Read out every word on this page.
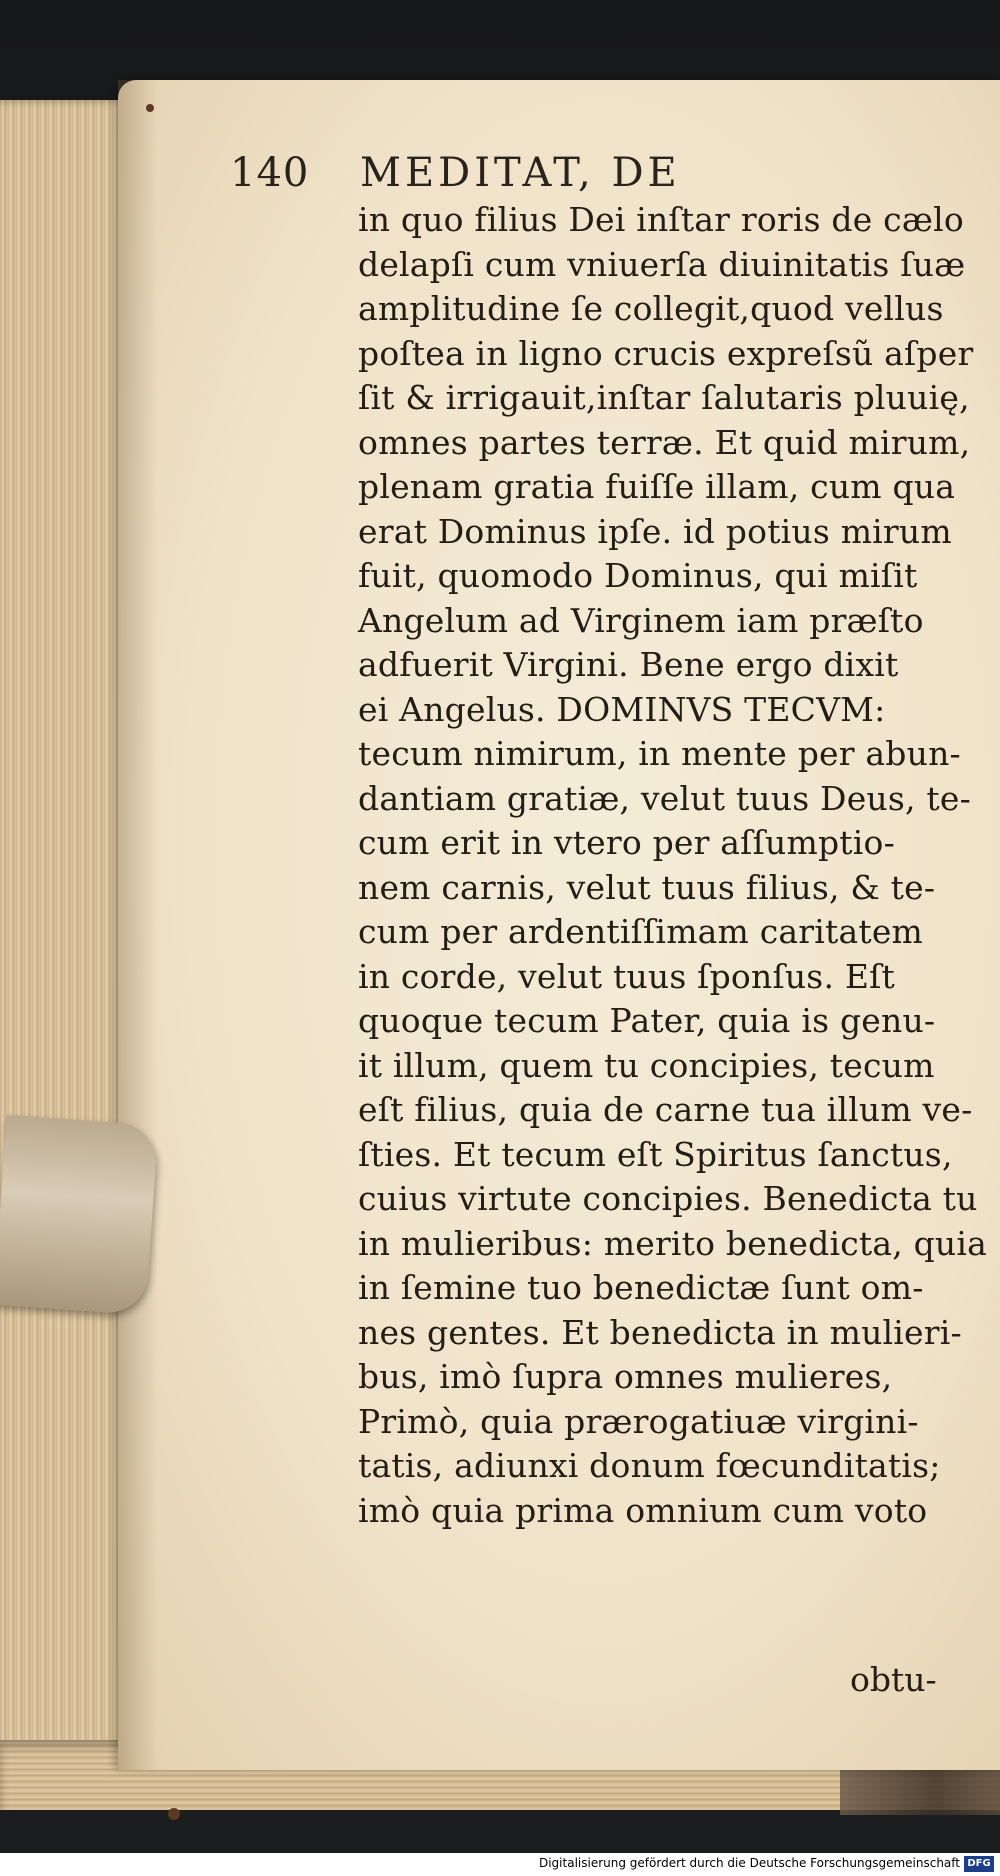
140 MEDITAT, DE
in quo filius Dei inſtar roris de cælo
delapſi cum vniuerſa diuinitatis ſuæ
amplitudine ſe collegit,quod vellus
poſtea in ligno crucis expreſsũ aſper
ſit & irrigauit,inſtar ſalutaris pluuię,
omnes partes terræ. Et quid mirum,
plenam gratia fuiſſe illam, cum qua
erat Dominus ipſe. id potius mirum
fuit, quomodo Dominus, qui miſit
Angelum ad Virginem iam præſto
adfuerit Virgini. Bene ergo dixit
ei Angelus. DOMINVS TECVM:
tecum nimirum, in mente per abun-
dantiam gratiæ, velut tuus Deus, te-
cum erit in vtero per aſſumptio-
nem carnis, velut tuus filius, & te-
cum per ardentiſſimam caritatem
in corde, velut tuus ſponſus. Eſt
quoque tecum Pater, quia is genu-
it illum, quem tu concipies, tecum
eſt filius, quia de carne tua illum ve-
ſties. Et tecum eſt Spiritus ſanctus,
cuius virtute concipies. Benedicta tu
in mulieribus: merito benedicta, quia
in ſemine tuo benedictæ ſunt om-
nes gentes. Et benedicta in mulieri-
bus, imò ſupra omnes mulieres,
Primò, quia prærogatiuæ virgini-
tatis, adiunxi donum fœcunditatis;
imò quia prima omnium cum voto
obtu-
Digitalisierung gefördert durch die Deutsche Forschungsgemeinschaft DFG
